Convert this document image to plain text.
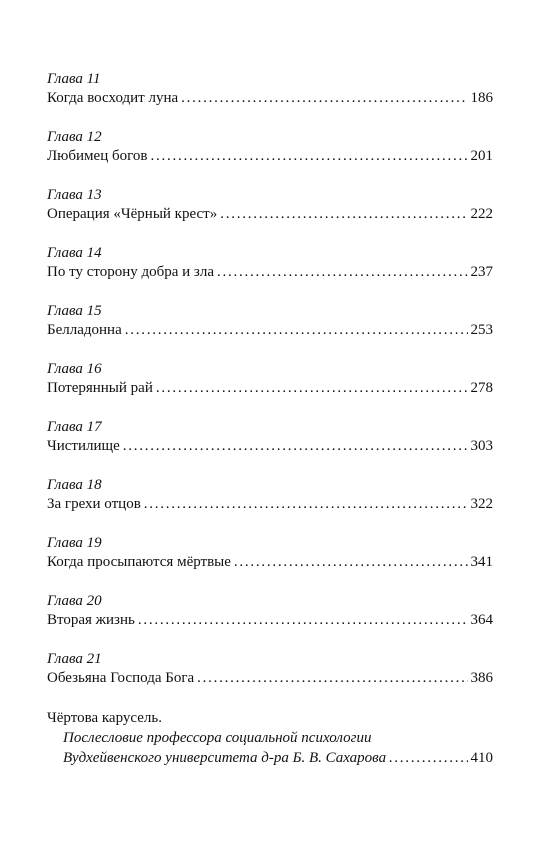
Глава 11
Когда восходит луна . . .	186
Глава 12
Любимец богов . . .	201
Глава 13
Операция «Чёрный крест» . . .	222
Глава 14
По ту сторону добра и зла . . .	237
Глава 15
Белладонна . . .	253
Глава 16
Потерянный рай . . .	278
Глава 17
Чистилище . . .	303
Глава 18
За грехи отцов . . .	322
Глава 19
Когда просыпаются мёртвые . . .	341
Глава 20
Вторая жизнь . . .	364
Глава 21
Обезьяна Господа Бога . . .	386
Чёртова карусель.
Послесловие профессора социальной психологии
Вудхейвенского университета д-ра Б. В. Сахарова . . .	410
